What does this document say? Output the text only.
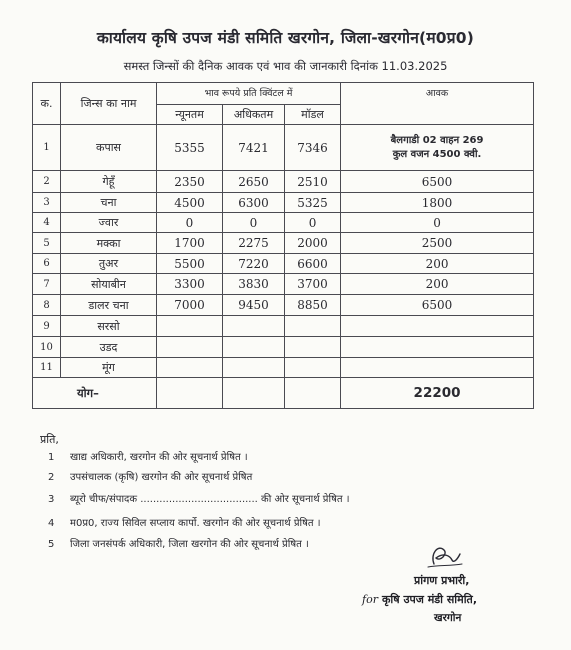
कार्यालय कृषि उपज मंडी समिति खरगोन, जिला-खरगोन(म0प्र0)
समस्त जिन्सों की दैनिक आवक एवं भाव की जानकारी दिनांक 11.03.2025
क.	जिन्स का नाम	भाव रूपये प्रति क्विंटल में			आवक
		न्यूनतम	अधिकतम	मॉडल	
1	कपास	5355	7421	7346	बैलगाडी 02 वाहन 269
कुल वजन 4500 क्वी.

2	गेहूँ	2350	2650	2510	6500
3	चना	4500	6300	5325	1800
4	ज्वार	0	0	0	0
5	मक्का	1700	2275	2000	2500
6	तुअर	5500	7220	6600	200
7	सोयाबीन	3300	3830	3700	200
8	डालर चना	7000	9450	8850	6500
9	सरसो				
10	उडद				
11	मूंग				
योग–					22200
प्रति,
1 खाद्य अधिकारी, खरगोन की ओर सूचनार्थ प्रेषित ।
2 उपसंचालक (कृषि) खरगोन की ओर सूचनार्थ प्रेषित
3 ब्यूरो चीफ/संपादक ..................................... की ओर सूचनार्थ प्रेषित ।
4 म0प्र0, राज्य सिविल सप्लाय कार्पो. खरगोन की ओर सूचनार्थ प्रेषित ।
5 जिला जनसंपर्क अधिकारी, जिला खरगोन की ओर सूचनार्थ प्रेषित ।
प्रांगण प्रभारी,
for कृषि उपज मंडी समिति,
खरगोन
